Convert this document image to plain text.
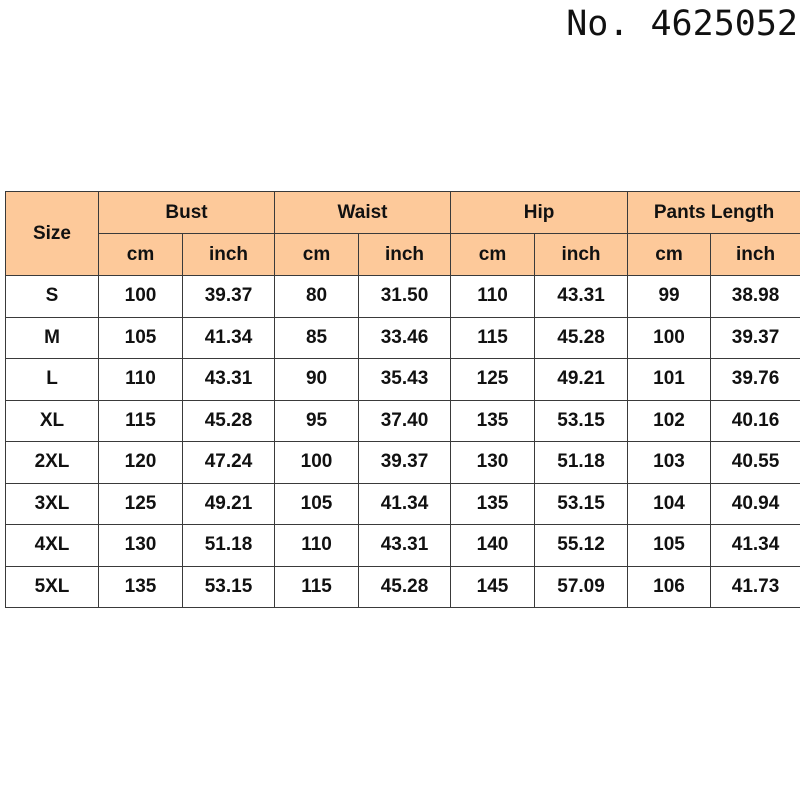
No. 4625052
Size	Bust		Waist		Hip		Pants Length	
	cm	inch	cm	inch	cm	inch	cm	inch
S	100	39.37	80	31.50	110	43.31	99	38.98
M	105	41.34	85	33.46	115	45.28	100	39.37
L	110	43.31	90	35.43	125	49.21	101	39.76
XL	115	45.28	95	37.40	135	53.15	102	40.16
2XL	120	47.24	100	39.37	130	51.18	103	40.55
3XL	125	49.21	105	41.34	135	53.15	104	40.94
4XL	130	51.18	110	43.31	140	55.12	105	41.34
5XL	135	53.15	115	45.28	145	57.09	106	41.73
